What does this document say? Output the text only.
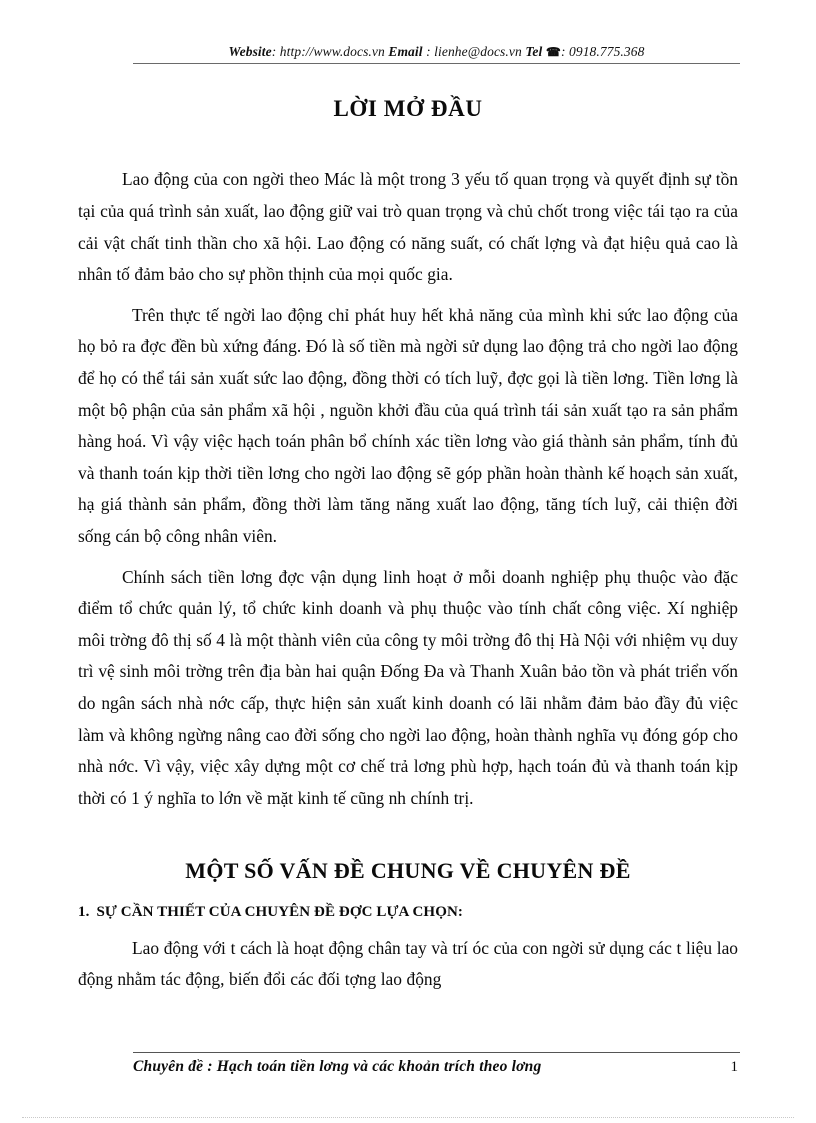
Website: http://www.docs.vn Email : lienhe@docs.vn Tel ☎: 0918.775.368
LỜI MỞ ĐẦU

Lao động của con ngời theo Mác là một trong 3 yếu tố quan trọng và quyết định sự tồn tại của quá trình sản xuất, lao động giữ vai trò quan trọng và chủ chốt trong việc tái tạo ra của cải vật chất tinh thần cho xã hội. Lao động có năng suất, có chất lợng và đạt hiệu quả cao là nhân tố đảm bảo cho sự phồn thịnh của mọi quốc gia.

Trên thực tế ngời lao động chỉ phát huy hết khả năng của mình khi sức lao động của họ bỏ ra đợc đền bù xứng đáng. Đó là số tiền mà ngời sử dụng lao động trả cho ngời lao động để họ có thể tái sản xuất sức lao động, đồng thời có tích luỹ, đợc gọi là tiền lơng. Tiền lơng là một bộ phận của sản phẩm xã hội , nguồn khởi đầu của quá trình tái sản xuất tạo ra sản phẩm hàng hoá. Vì vậy việc hạch toán phân bổ chính xác tiền lơng vào giá thành sản phẩm, tính đủ và thanh toán kịp thời tiền lơng cho ngời lao động sẽ góp phần hoàn thành kế hoạch sản xuất, hạ giá thành sản phẩm, đồng thời làm tăng năng xuất lao động, tăng tích luỹ, cải thiện đời sống cán bộ công nhân viên.

Chính sách tiền lơng đợc vận dụng linh hoạt ở mỗi doanh nghiệp phụ thuộc vào đặc điểm tổ chức quản lý, tổ chức kinh doanh và phụ thuộc vào tính chất công việc. Xí nghiệp môi trờng đô thị số 4 là một thành viên của công ty môi trờng đô thị Hà Nội với nhiệm vụ duy trì vệ sinh môi trờng trên địa bàn hai quận Đống Đa và Thanh Xuân bảo tồn và phát triển vốn do ngân sách nhà nớc cấp, thực hiện sản xuất kinh doanh có lãi nhằm đảm bảo đầy đủ việc làm và không ngừng nâng cao đời sống cho ngời lao động, hoàn thành nghĩa vụ đóng góp cho nhà nớc. Vì vậy, việc xây dựng một cơ chế trả lơng phù hợp, hạch toán đủ và thanh toán kịp thời có 1 ý nghĩa to lớn về mặt kinh tế cũng nh chính trị.

MỘT SỐ VẤN ĐỀ CHUNG VỀ CHUYÊN ĐỀ
1. SỰ CẦN THIẾT CỦA CHUYÊN ĐỀ ĐỢC LỰA CHỌN:

Lao động với t cách là hoạt động chân tay và trí óc của con ngời sử dụng các t liệu lao động nhằm tác động, biến đổi các đối tợng lao động

Chuyên đề : Hạch toán tiền lơng và các khoản trích theo lơng	1
